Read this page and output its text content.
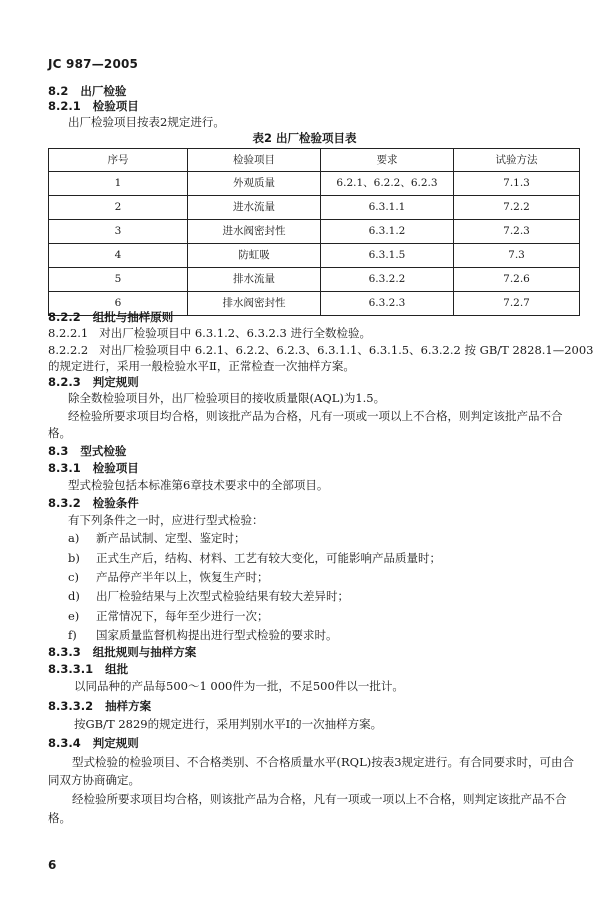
JC 987—2005
8.2 出厂检验
8.2.1 检验项目
出厂检验项目按表2规定进行。
表2 出厂检验项目表
序号	检验项目	要求	试验方法
1	外观质量	6.2.1、6.2.2、6.2.3	7.1.3
2	进水流量	6.3.1.1	7.2.2
3	进水阀密封性	6.3.1.2	7.2.3
4	防虹吸	6.3.1.5	7.3
5	排水流量	6.3.2.2	7.2.6
6	排水阀密封性	6.3.2.3	7.2.7
8.2.2 组批与抽样原则
8.2.2.1 对出厂检验项目中 6.3.1.2、6.3.2.3 进行全数检验。
8.2.2.2 对出厂检验项目中 6.2.1、6.2.2、6.2.3、6.3.1.1、6.3.1.5、6.3.2.2 按 GB/T 2828.1—2003
的规定进行，采用一般检验水平Ⅱ，正常检查一次抽样方案。
8.2.3 判定规则
除全数检验项目外，出厂检验项目的接收质量限(AQL)为1.5。
经检验所要求项目均合格，则该批产品为合格，凡有一项或一项以上不合格，则判定该批产品不合
格。
8.3 型式检验
8.3.1 检验项目
型式检验包括本标准第6章技术要求中的全部项目。
8.3.2 检验条件
有下列条件之一时，应进行型式检验：
a) 新产品试制、定型、鉴定时；
b) 正式生产后，结构、材料、工艺有较大变化，可能影响产品质量时；
c) 产品停产半年以上，恢复生产时；
d) 出厂检验结果与上次型式检验结果有较大差异时；
e) 正常情况下，每年至少进行一次；
f) 国家质量监督机构提出进行型式检验的要求时。
8.3.3 组批规则与抽样方案
8.3.3.1 组批
以同品种的产品每500～1 000件为一批，不足500件以一批计。
8.3.3.2 抽样方案
按GB/T 2829的规定进行，采用判别水平Ⅰ的一次抽样方案。
8.3.4 判定规则
型式检验的检验项目、不合格类别、不合格质量水平(RQL)按表3规定进行。有合同要求时，可由合
同双方协商确定。
经检验所要求项目均合格，则该批产品为合格，凡有一项或一项以上不合格，则判定该批产品不合
格。
6
